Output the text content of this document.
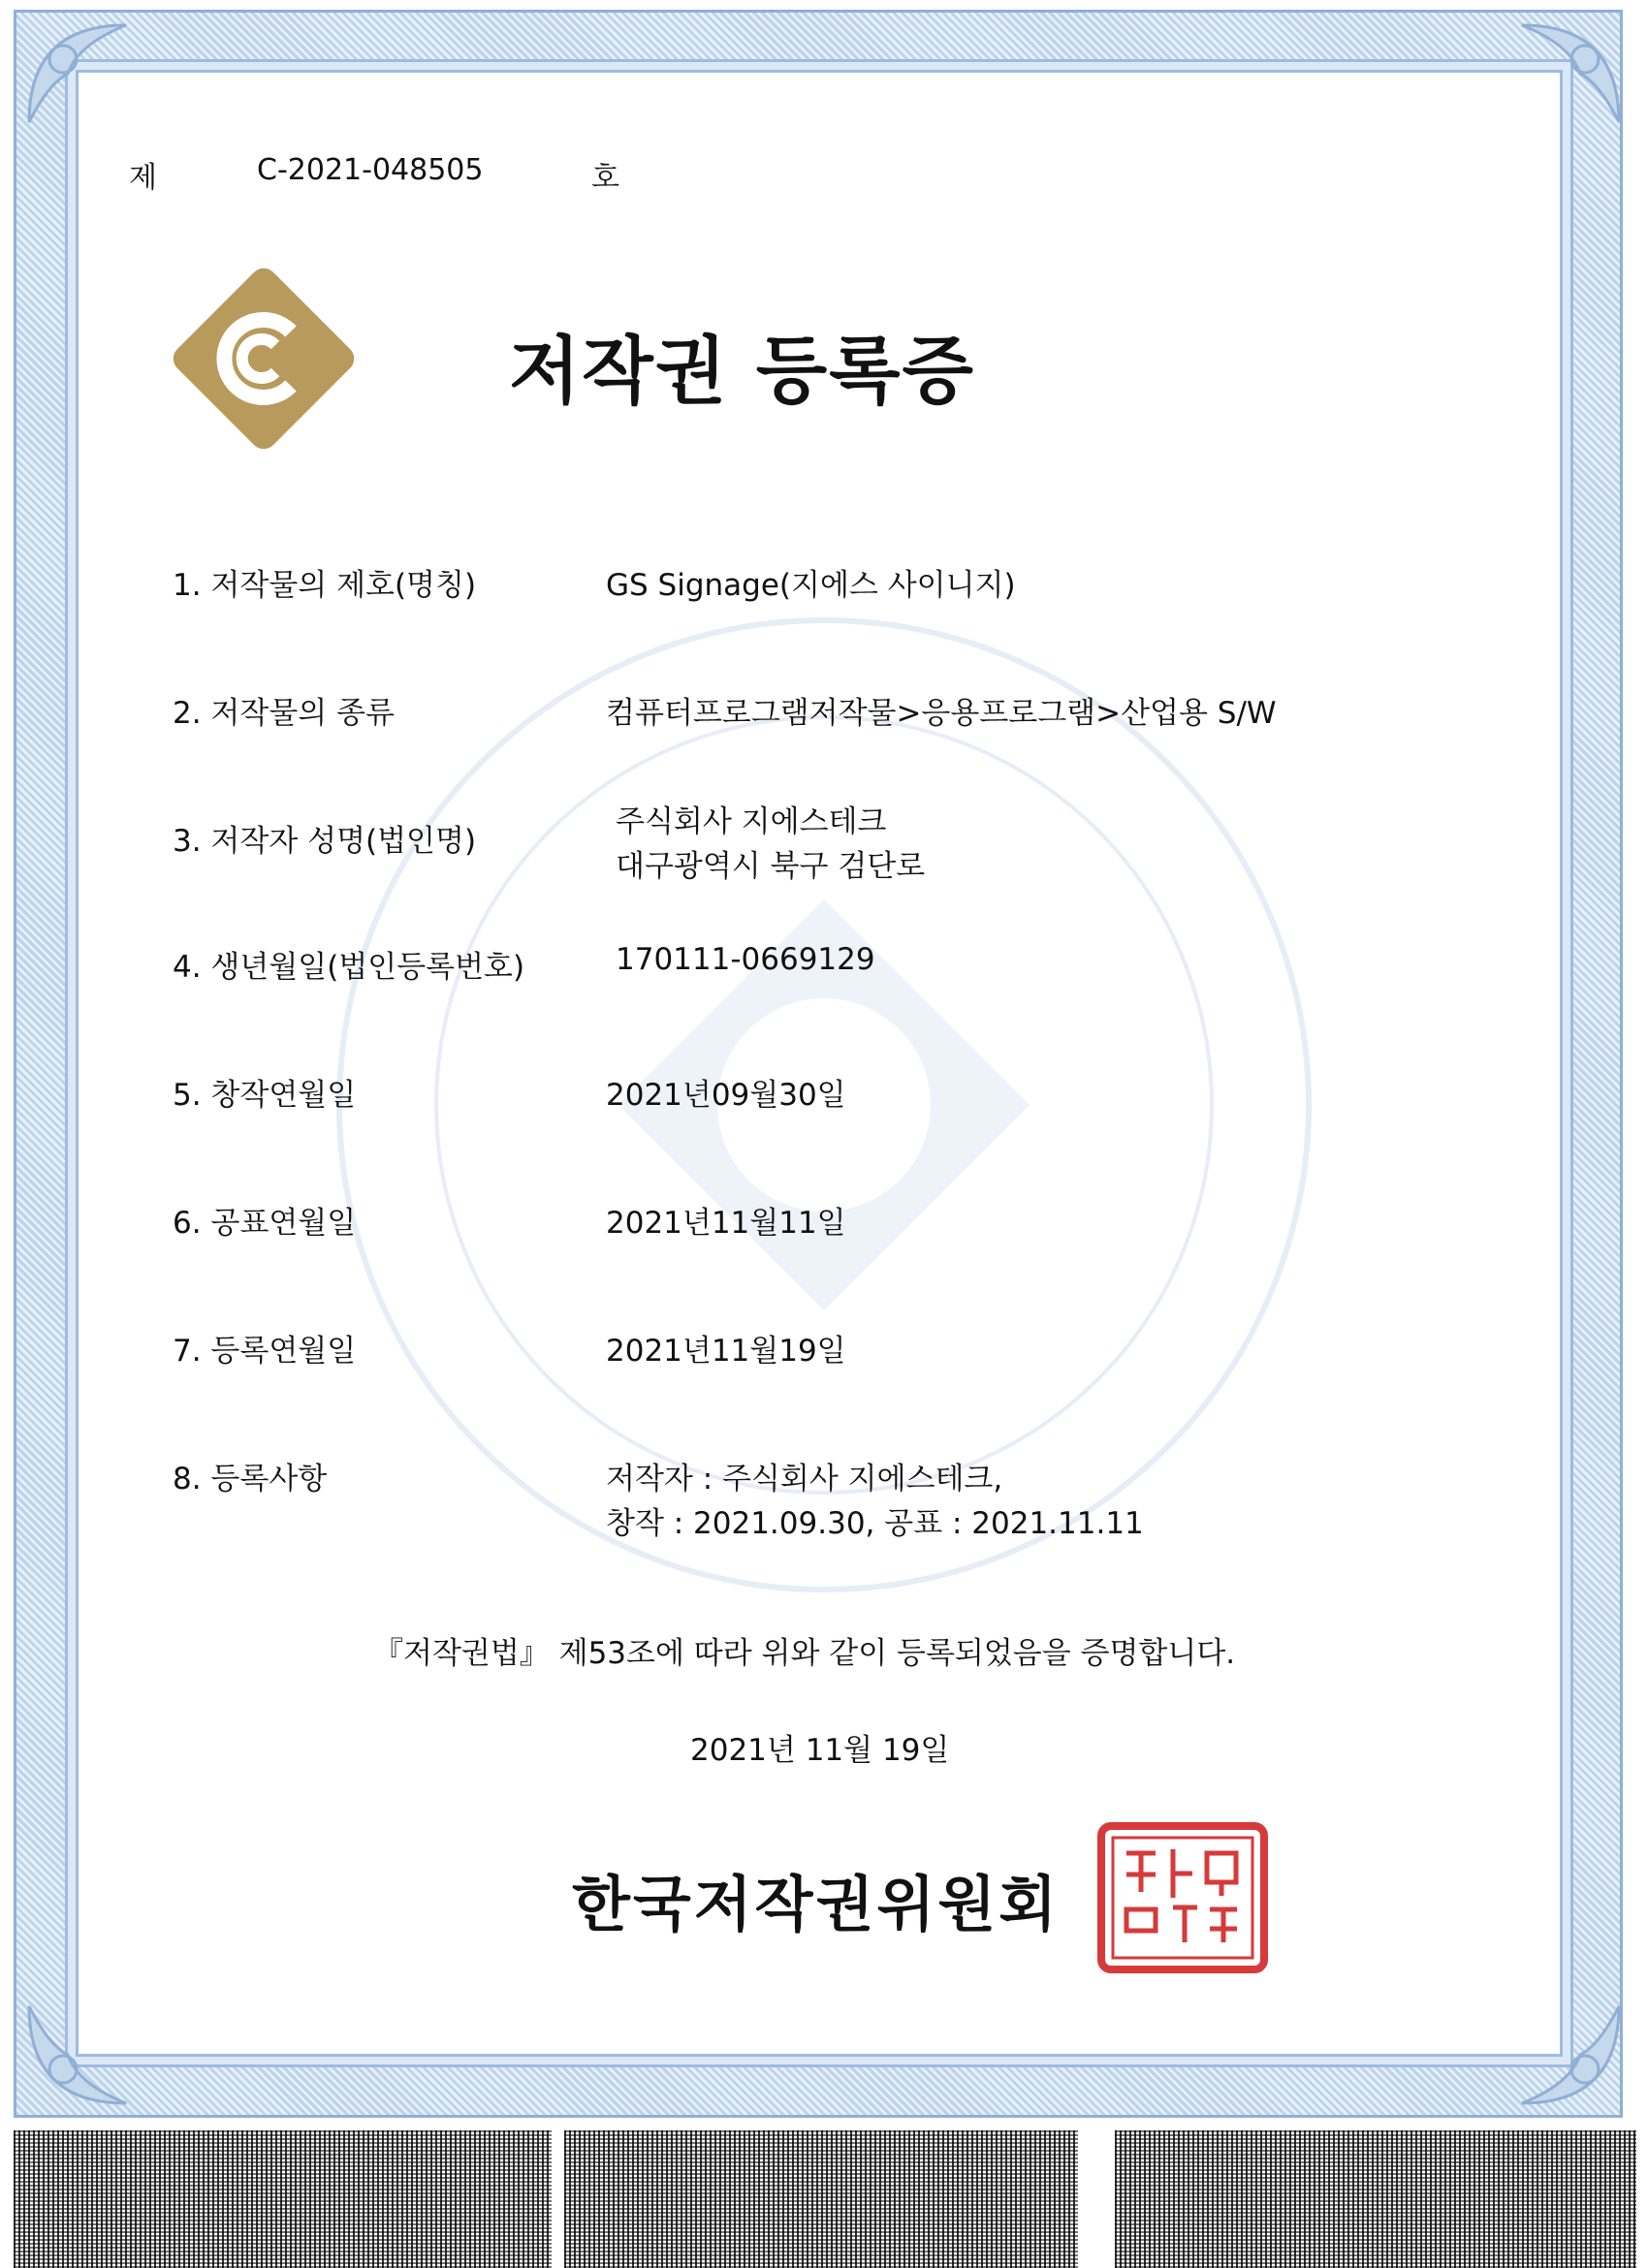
제	C-2021-048505	호
저작권 등록증
1. 저작물의 제호(명칭)	GS Signage(지에스 사이니지)
2. 저작물의 종류	컴퓨터프로그램저작물>응용프로그램>산업용 S/W
3. 저작자 성명(법인명)
주식회사 지에스테크
대구광역시 북구 검단로
4. 생년월일(법인등록번호)	170111-0669129
5. 창작연월일	2021년09월30일
6. 공표연월일	2021년11월11일
7. 등록연월일	2021년11월19일
8. 등록사항	저작자 : 주식회사 지에스테크,
창작 : 2021.09.30, 공표 : 2021.11.11
『저작권법』 제53조에 따라 위와 같이 등록되었음을 증명합니다.
2021년 11월 19일
한국저작권위원회
